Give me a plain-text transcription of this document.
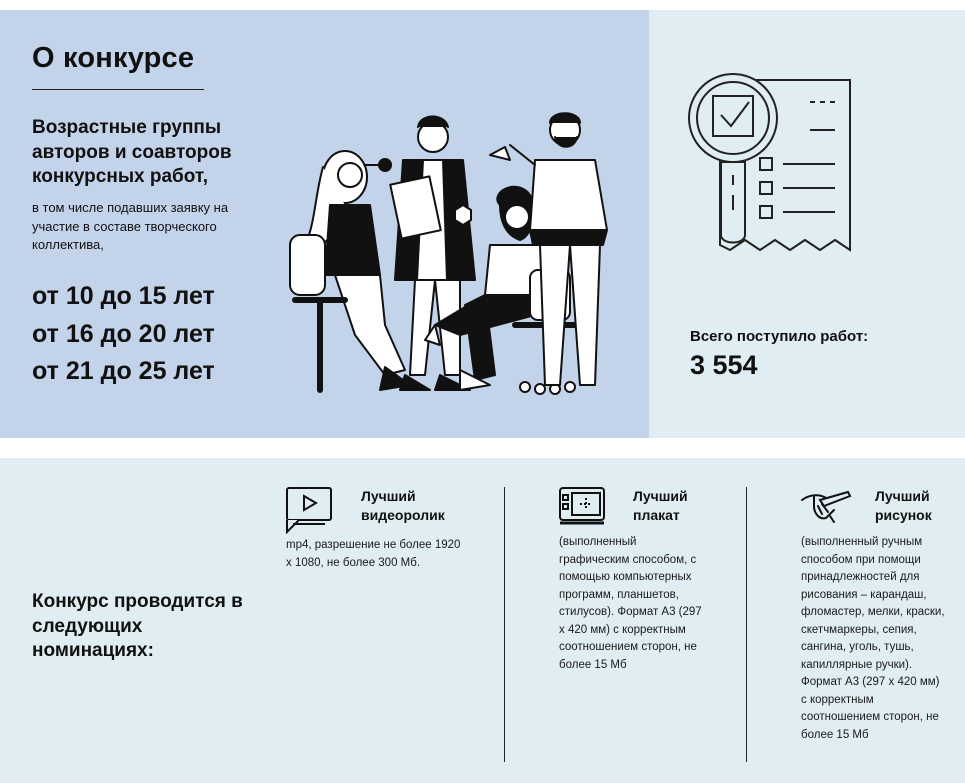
О конкурсе
Возрастные группы авторов и соавторов конкурсных работ,
в том числе подавших заявку на участие в составе творческого коллектива,
от 10 до 15 лет
от 16 до 20 лет
от 21 до 25 лет
Всего поступило работ:
3 554
Конкурс проводится в следующих номинациях:
Лучший
видеоролик
mp4, разрешение не более 1920 х 1080, не более 300 Мб.
Лучший
плакат
(выполненный графическим способом, с помощью компьютерных программ, планшетов, стилусов). Формат А3 (297 х 420 мм) с корректным соотношением сторон, не более 15 Мб
Лучший
рисунок
(выполненный ручным способом при помощи принадлежностей для рисования – карандаш, фломастер, мелки, краски, скетчмаркеры, сепия, сангина, уголь, тушь, капиллярные ручки). Формат А3 (297 х 420 мм) с корректным соотношением сторон, не более 15 Мб
